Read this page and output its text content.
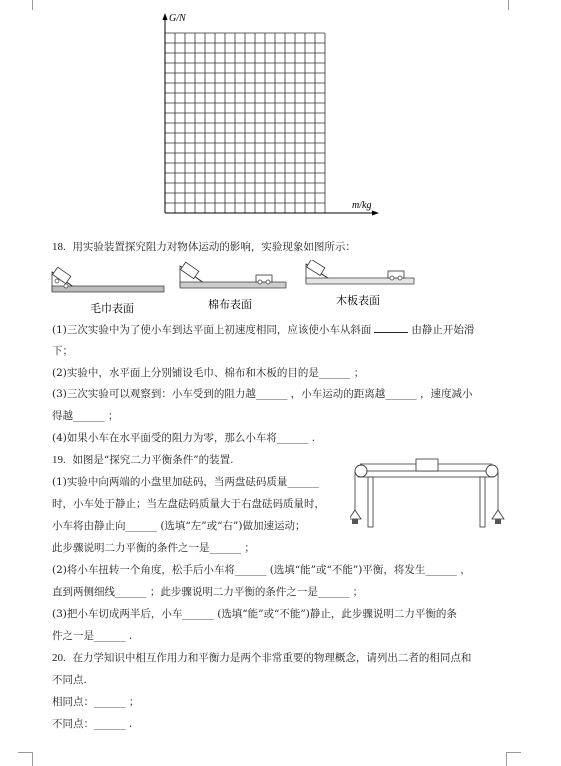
G/N
m/kg
18. 用实验装置探究阻力对物体运动的影响，实验现象如图所示：
毛巾表面	棉布表面	木板表面
(1)三次实验中为了使小车到达平面上初速度相同，应该使小车从斜面	由静止开始滑
下；
(2)实验中，水平面上分别铺设毛巾、棉布和木板的目的是______ ；
(3)三次实验可以观察到：小车受到的阻力越______ ，小车运动的距离越______ ，速度减小
得越______ ；
(4)如果小车在水平面受的阻力为零，那么小车将______ .
19. 如图是“探究二力平衡条件”的装置.
(1)实验中向两端的小盘里加砝码，当两盘砝码质量______
时，小车处于静止；当左盘砝码质量大于右盘砝码质量时，
小车将由静止向______ (选填“左”或“右”)做加速运动；
此步骤说明二力平衡的条件之一是______ ；
(2)将小车扭转一个角度，松手后小车将______ (选填“能”或“不能”)平衡，将发生______ ，
直到两侧细线______ ；此步骤说明二力平衡的条件之一是______ ；
(3)把小车切成两半后，小车______ (选填“能”或“不能”)静止，此步骤说明二力平衡的条
件之一是______ .
20. 在力学知识中相互作用力和平衡力是两个非常重要的物理概念，请列出二者的相同点和
不同点.
相同点：______ ；
不同点：______ .
